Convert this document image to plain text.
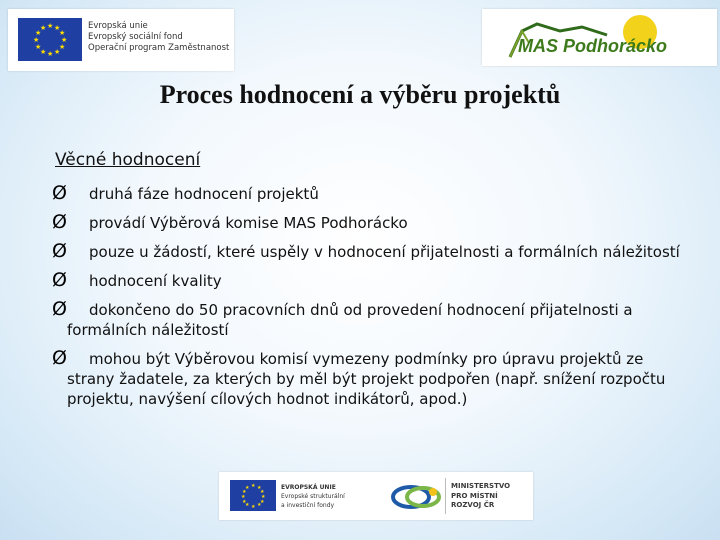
★ ★
★
★
★
★
★
★
★
★
★
★	Evropská unie
Evropský sociální fond
Operační program Zaměstnanost	MAS Podhorácko
Proces hodnocení a výběru projektů
Věcné hodnocení
Ø	druhá fáze hodnocení projektů
Ø	provádí Výběrová komise MAS Podhorácko
Ø	pouze u žádostí, které uspěly v hodnocení přijatelnosti a formálních náležitostí
Ø	hodnocení kvality
Ø	dokončeno do 50 pracovních dnů od provedení hodnocení přijatelnosti a formálních náležitostí
Ø	mohou být Výběrovou komisí vymezeny podmínky pro úpravu projektů ze strany žadatele, za kterých by měl být projekt podpořen (např. snížení rozpočtu projektu, navýšení cílových hodnot indikátorů, apod.)
★ ★
★
★
★
★
★
★
★
★
★
★	EVROPSKÁ UNIE
Evropské strukturální
a investiční fondy
MINISTERSTVO
PRO MÍSTNÍ
ROZVOJ ČR
